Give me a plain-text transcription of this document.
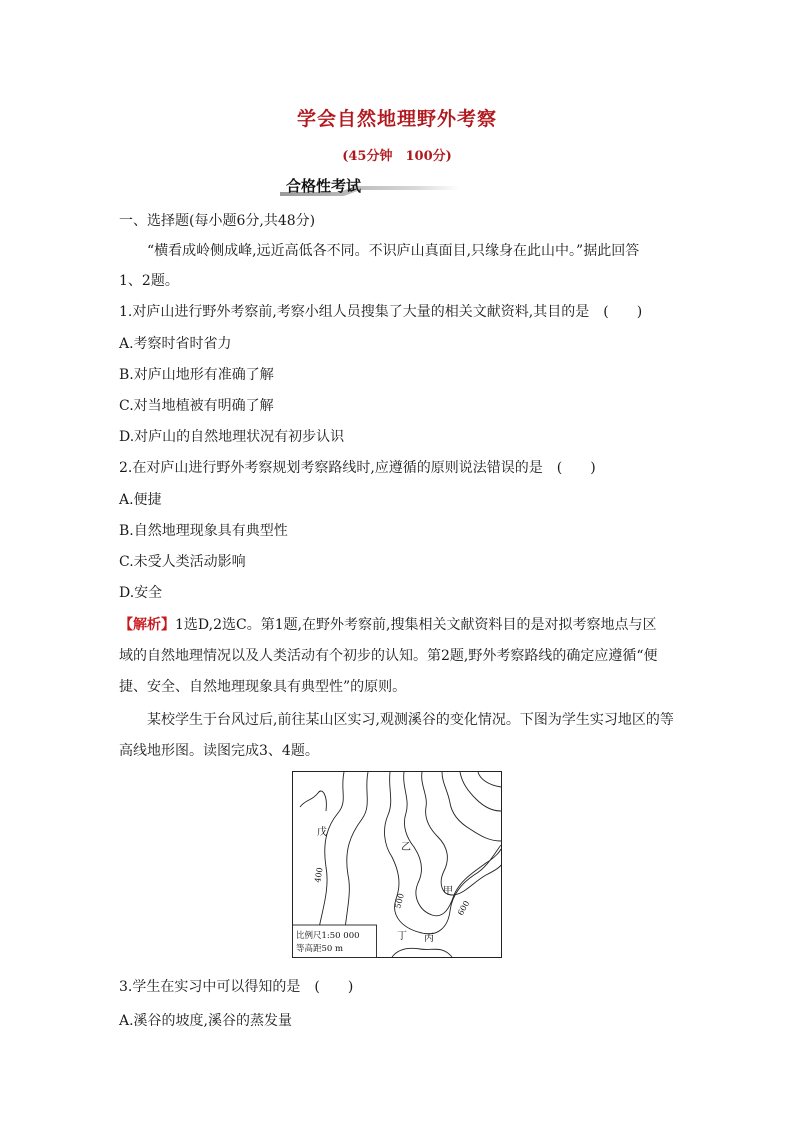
学会自然地理野外考察
(45分钟　100分)
合格性考试
一、选择题(每小题6分,共48分)
“横看成岭侧成峰,远近高低各不同。不识庐山真面目,只缘身在此山中。”据此回答
1、2题。
1.对庐山进行野外考察前,考察小组人员搜集了大量的相关文献资料,其目的是　(　　)
A.考察时省时省力
B.对庐山地形有准确了解
C.对当地植被有明确了解
D.对庐山的自然地理状况有初步认识
2.在对庐山进行野外考察规划考察路线时,应遵循的原则说法错误的是　(　　)
A.便捷
B.自然地理现象具有典型性
C.未受人类活动影响
D.安全
【解析】1选D,2选C。第1题,在野外考察前,搜集相关文献资料目的是对拟考察地点与区
域的自然地理情况以及人类活动有个初步的认知。第2题,野外考察路线的确定应遵循“便
捷、安全、自然地理现象具有典型性”的原则。
某校学生于台风过后,前往某山区实习,观测溪谷的变化情况。下图为学生实习地区的等
高线地形图。读图完成3、4题。
戊
乙
甲
丁 丙
400
500	600
比例尺1:50 000
等高距50 m
3.学生在实习中可以得知的是　(　　)
A.溪谷的坡度,溪谷的蒸发量
